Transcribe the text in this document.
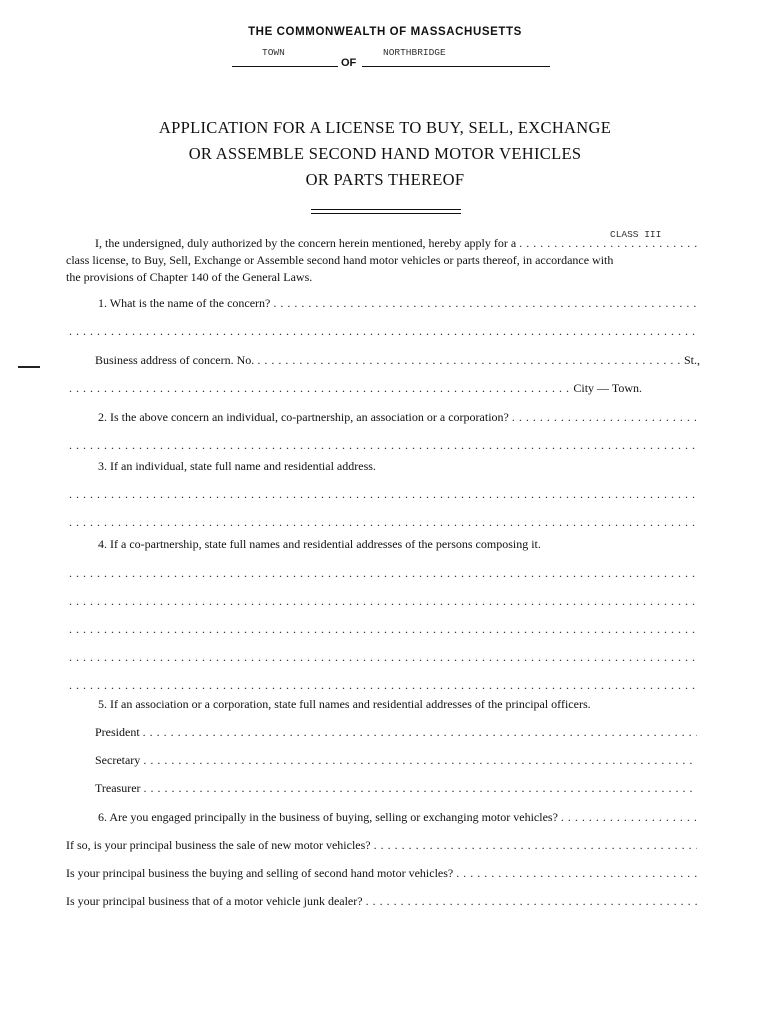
THE COMMONWEALTH OF MASSACHUSETTS
TOWN	NORTHBRIDGE
OF
APPLICATION FOR A LICENSE TO BUY, SELL, EXCHANGE
OR ASSEMBLE SECOND HAND MOTOR VEHICLES
OR PARTS THEREOF
CLASS III
I, the undersigned, duly authorized by the concern herein mentioned, hereby apply for a
. . .
class license, to Buy, Sell, Exchange or Assemble second hand motor vehicles or parts thereof, in accordance with
the provisions of Chapter 140 of the General Laws.
1. What is the name of the concern?
. . .
. . .
Business address of concern. No.
. . .	St.,
. . .
City — Town.
2. Is the above concern an individual, co-partnership, an association or a corporation?
. . .
. . .
3. If an individual, state full name and residential address.
. . .
. . .
4. If a co-partnership, state full names and residential addresses of the persons composing it.
. . .
. . .
. . .
. . .
. . .
5. If an association or a corporation, state full names and residential addresses of the principal officers.
President
. . .
Secretary
. . .
Treasurer
. . .
6. Are you engaged principally in the business of buying, selling or exchanging motor vehicles?
. . .
If so, is your principal business the sale of new motor vehicles?
. . .
Is your principal business the buying and selling of second hand motor vehicles?
. . .
Is your principal business that of a motor vehicle junk dealer?
. . .
